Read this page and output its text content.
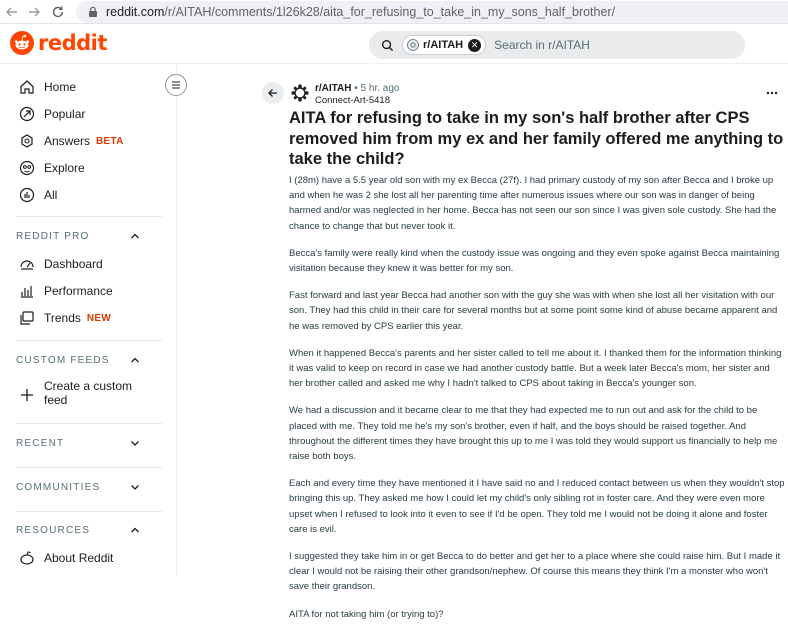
reddit.com /r/AITAH/comments/1l26k28/aita_for_refusing_to_take_in_my_sons_half_brother/
reddit	r/AITAH ✕
Search in r/AITAH
Home
Popular
Answers BETA
Explore
All
REDDIT PRO
Dashboard
Performance
Trends NEW
CUSTOM FEEDS
Create a custom
feed
RECENT
COMMUNITIES
RESOURCES
About Reddit
r/AITAH • 5 hr. ago
Connect-Art-5418
AITA for refusing to take in my son's half brother after CPS removed him from my ex and her family offered me anything to take the child?

I (28m) have a 5.5 year old son with my ex Becca (27f). I had primary custody of my son after Becca and I broke up and when he was 2 she lost all her parenting time after numerous issues where our son was in danger of being harmed and/or was neglected in her home. Becca has not seen our son since I was given sole custody. She had the chance to change that but never took it.

Becca's family were really kind when the custody issue was ongoing and they even spoke against Becca maintaining visitation because they knew it was better for my son.

Fast forward and last year Becca had another son with the guy she was with when she lost all her visitation with our son. They had this child in their care for several months but at some point some kind of abuse became apparent and he was removed by CPS earlier this year.

When it happened Becca's parents and her sister called to tell me about it. I thanked them for the information thinking it was valid to keep on record in case we had another custody battle. But a week later Becca's mom, her sister and her brother called and asked me why I hadn't talked to CPS about taking in Becca's younger son.

We had a discussion and it became clear to me that they had expected me to run out and ask for the child to be placed with me. They told me he's my son's brother, even if half, and the boys should be raised together. And throughout the different times they have brought this up to me I was told they would support us financially to help me raise both boys.

Each and every time they have mentioned it I have said no and I reduced contact between us when they wouldn't stop bringing this up. They asked me how I could let my child's only sibling rot in foster care. And they were even more upset when I refused to look into it even to see if I'd be open. They told me I would not be doing it alone and foster care is evil.

I suggested they take him in or get Becca to do better and get her to a place where she could raise him. But I made it clear I would not be raising their other grandson/nephew. Of course this means they think I'm a monster who won't save their grandson.

AITA for not taking him (or trying to)?
